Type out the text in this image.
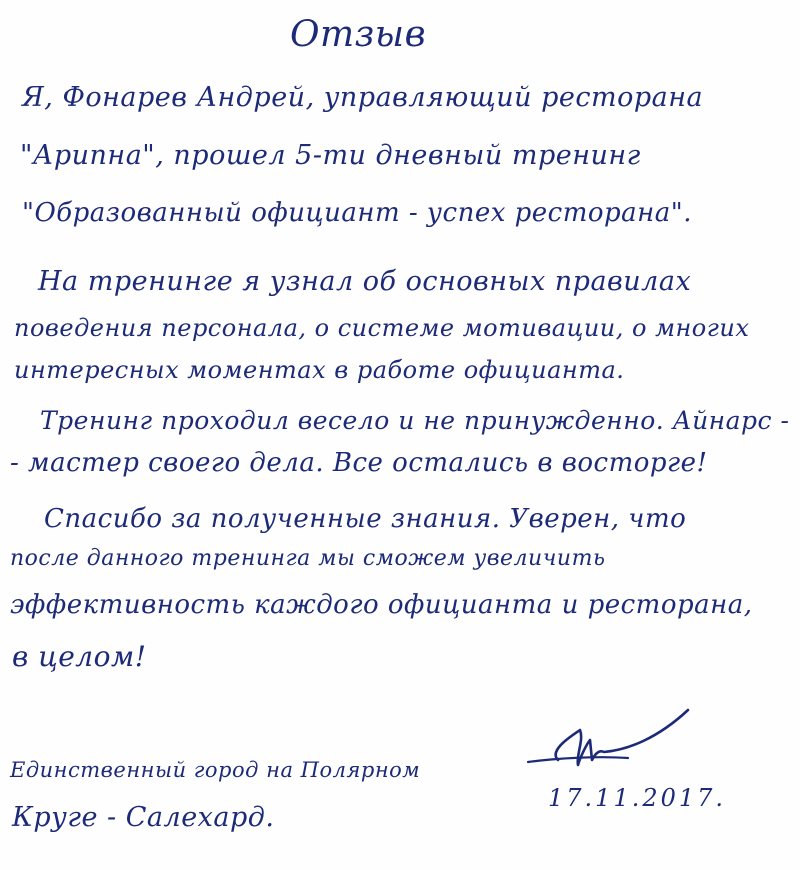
Отзыв
Я, Фонарев Андрей, управляющий ресторана
"Арипна", прошел 5-ти дневный тренинг
"Образованный официант - успех ресторана".
На тренинге я узнал об основных правилах
поведения персонала, о системе мотивации, о многих
интересных моментах в работе официанта.
Тренинг проходил весело и не принужденно. Айнарс -
- мастер своего дела. Все остались в восторге!
Спасибо за полученные знания. Уверен, что
после данного тренинга мы сможем увеличить
эффективность каждого официанта и ресторана,
в целом!
Единственный город на Полярном
Круге - Салехард.
17.11.2017.
